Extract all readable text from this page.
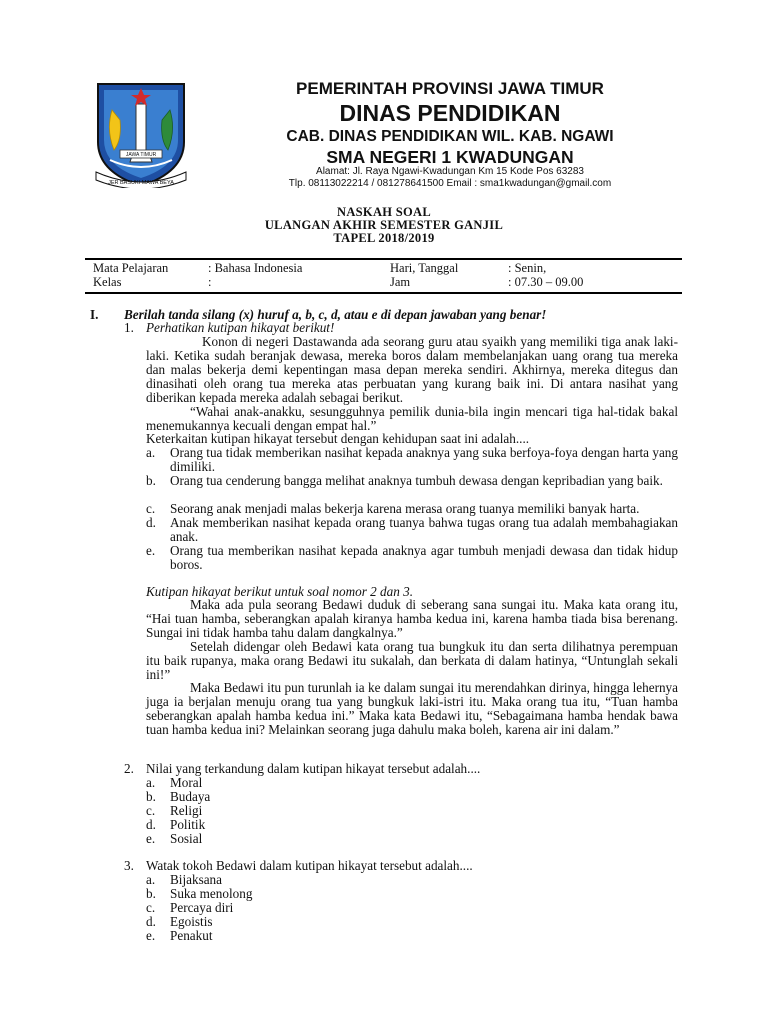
JAWA TIMUR
JER BASUKI MAWA BEYA
PEMERINTAH PROVINSI JAWA TIMUR
DINAS PENDIDIKAN
CAB. DINAS PENDIDIKAN WIL. KAB. NGAWI
SMA NEGERI 1 KWADUNGAN
Alamat: Jl. Raya Ngawi-Kwadungan Km 15 Kode Pos 63283
Tlp. 08113022214 / 081278641500 Email : sma1kwadungan@gmail.com
NASKAH SOAL
ULANGAN AKHIR SEMESTER GANJIL
TAPEL 2018/2019
Mata Pelajaran	: Bahasa Indonesia	Hari, Tanggal	: Senin,
Kelas	:	Jam	: 07.30 – 09.00
I. Berilah tanda silang (x) huruf a, b, c, d, atau e di depan jawaban yang benar!
1. Perhatikan kutipan hikayat berikut!

Konon di negeri Dastawanda ada seorang guru atau syaikh yang memiliki tiga anak laki-laki. Ketika sudah beranjak dewasa, mereka boros dalam membelanjakan uang orang tua mereka dan malas bekerja demi kepentingan masa depan mereka sendiri. Akhirnya, mereka ditegus dan dinasihati oleh orang tua mereka atas perbuatan yang kurang baik ini. Di antara nasihat yang diberikan kepada mereka adalah sebagai berikut.

“Wahai anak-anakku, sesungguhnya pemilik dunia-bila ingin mencari tiga hal-tidak bakal menemukannya kecuali dengan empat hal.”

Keterkaitan kutipan hikayat tersebut dengan kehidupan saat ini adalah....

a. Orang tua tidak memberikan nasihat kepada anaknya yang suka berfoya-foya dengan harta yang dimiliki.
b. Orang tua cenderung bangga melihat anaknya tumbuh dewasa dengan kepribadian yang baik.
c. Seorang anak menjadi malas bekerja karena merasa orang tuanya memiliki banyak harta.
d. Anak memberikan nasihat kepada orang tuanya bahwa tugas orang tua adalah membahagiakan anak.
e. Orang tua memberikan nasihat kepada anaknya agar tumbuh menjadi dewasa dan tidak hidup boros.

Kutipan hikayat berikut untuk soal nomor 2 dan 3.

Maka ada pula seorang Bedawi duduk di seberang sana sungai itu. Maka kata orang itu, “Hai tuan hamba, seberangkan apalah kiranya hamba kedua ini, karena hamba tiada bisa berenang. Sungai ini tidak hamba tahu dalam dangkalnya.”

Setelah didengar oleh Bedawi kata orang tua bungkuk itu dan serta dilihatnya perempuan itu baik rupanya, maka orang Bedawi itu sukalah, dan berkata di dalam hatinya, “Untunglah sekali ini!”

Maka Bedawi itu pun turunlah ia ke dalam sungai itu merendahkan dirinya, hingga lehernya juga ia berjalan menuju orang tua yang bungkuk laki-istri itu. Maka orang tua itu, “Tuan hamba seberangkan apalah hamba kedua ini.” Maka kata Bedawi itu, “Sebagaimana hamba hendak bawa tuan hamba kedua ini? Melainkan seorang juga dahulu maka boleh, karena air ini dalam.”

2. Nilai yang terkandung dalam kutipan hikayat tersebut adalah....
a. Moral
b. Budaya
c. Religi
d. Politik
e. Sosial
3. Watak tokoh Bedawi dalam kutipan hikayat tersebut adalah....
a. Bijaksana
b. Suka menolong
c. Percaya diri
d. Egoistis
e. Penakut
